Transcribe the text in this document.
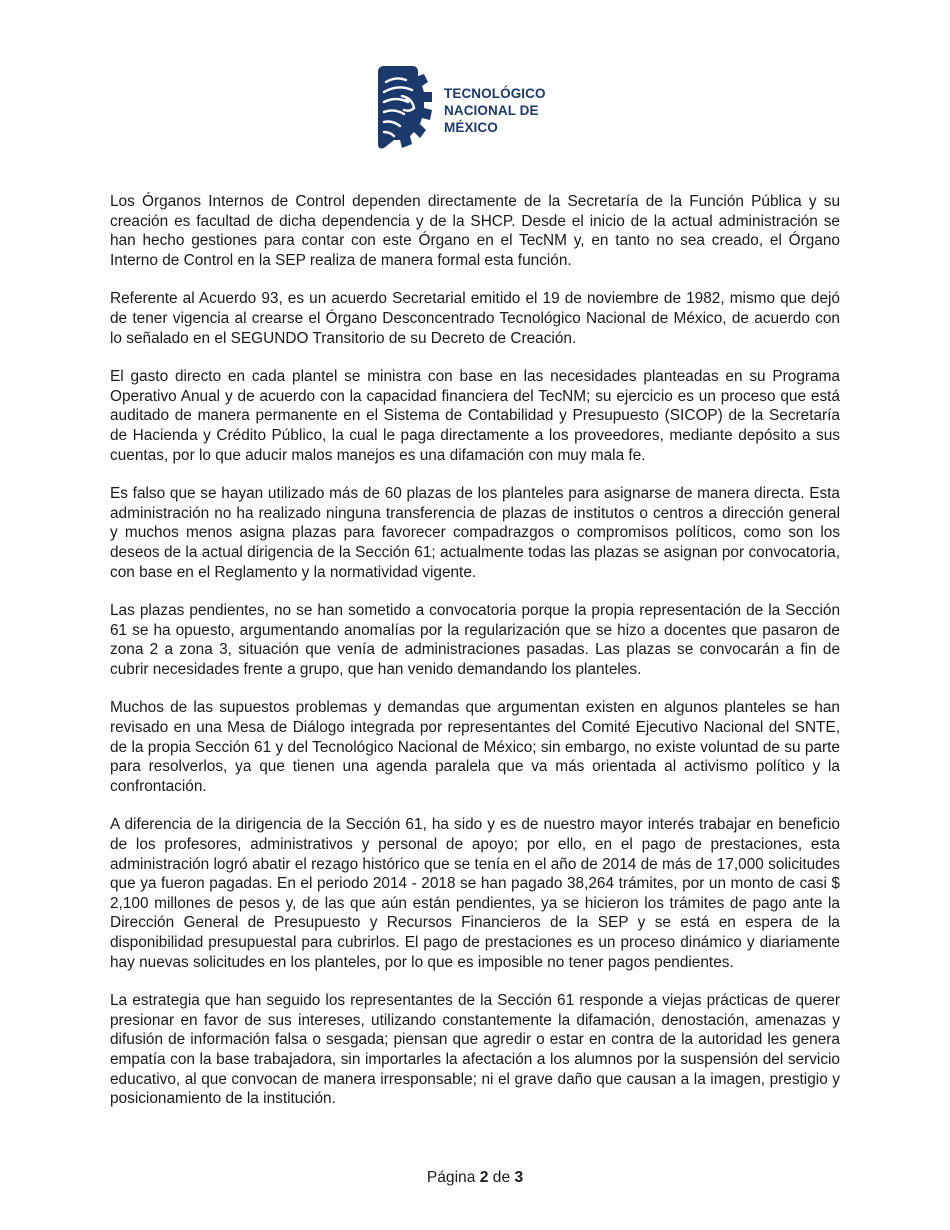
TECNOLÓGICO
NACIONAL DE MÉXICO

Los Órganos Internos de Control dependen directamente de la Secretaría de la Función Pública y su creación es facultad de dicha dependencia y de la SHCP. Desde el inicio de la actual administración se han hecho gestiones para contar con este Órgano en el TecNM y, en tanto no sea creado, el Órgano Interno de Control en la SEP realiza de manera formal esta función.

Referente al Acuerdo 93, es un acuerdo Secretarial emitido el 19 de noviembre de 1982, mismo que dejó de tener vigencia al crearse el Órgano Desconcentrado Tecnológico Nacional de México, de acuerdo con lo señalado en el SEGUNDO Transitorio de su Decreto de Creación.

El gasto directo en cada plantel se ministra con base en las necesidades planteadas en su Programa Operativo Anual y de acuerdo con la capacidad financiera del TecNM; su ejercicio es un proceso que está auditado de manera permanente en el Sistema de Contabilidad y Presupuesto (SICOP) de la Secretaría de Hacienda y Crédito Público, la cual le paga directamente a los proveedores, mediante depósito a sus cuentas, por lo que aducir malos manejos es una difamación con muy mala fe.

Es falso que se hayan utilizado más de 60 plazas de los planteles para asignarse de manera directa. Esta administración no ha realizado ninguna transferencia de plazas de institutos o centros a dirección general y muchos menos asigna plazas para favorecer compadrazgos o compromisos políticos, como son los deseos de la actual dirigencia de la Sección 61; actualmente todas las plazas se asignan por convocatoria, con base en el Reglamento y la normatividad vigente.

Las plazas pendientes, no se han sometido a convocatoria porque la propia representación de la Sección 61 se ha opuesto, argumentando anomalías por la regularización que se hizo a docentes que pasaron de zona 2 a zona 3, situación que venía de administraciones pasadas. Las plazas se convocarán a fin de cubrir necesidades frente a grupo, que han venido demandando los planteles.

Muchos de las supuestos problemas y demandas que argumentan existen en algunos planteles se han revisado en una Mesa de Diálogo integrada por representantes del Comité Ejecutivo Nacional del SNTE, de la propia Sección 61 y del Tecnológico Nacional de México; sin embargo, no existe voluntad de su parte para resolverlos, ya que tienen una agenda paralela que va más orientada al activismo político y la confrontación.

A diferencia de la dirigencia de la Sección 61, ha sido y es de nuestro mayor interés trabajar en beneficio de los profesores, administrativos y personal de apoyo; por ello, en el pago de prestaciones, esta administración logró abatir el rezago histórico que se tenía en el año de 2014 de más de 17,000 solicitudes que ya fueron pagadas. En el periodo 2014 - 2018 se han pagado 38,264 trámites, por un monto de casi $ 2,100 millones de pesos y, de las que aún están pendientes, ya se hicieron los trámites de pago ante la Dirección General de Presupuesto y Recursos Financieros de la SEP y se está en espera de la disponibilidad presupuestal para cubrirlos. El pago de prestaciones es un proceso dinámico y diariamente hay nuevas solicitudes en los planteles, por lo que es imposible no tener pagos pendientes.

La estrategia que han seguido los representantes de la Sección 61 responde a viejas prácticas de querer presionar en favor de sus intereses, utilizando constantemente la difamación, denostación, amenazas y difusión de información falsa o sesgada; piensan que agredir o estar en contra de la autoridad les genera empatía con la base trabajadora, sin importarles la afectación a los alumnos por la suspensión del servicio educativo, al que convocan de manera irresponsable; ni el grave daño que causan a la imagen, prestigio y posicionamiento de la institución.

Página 2 de 3
